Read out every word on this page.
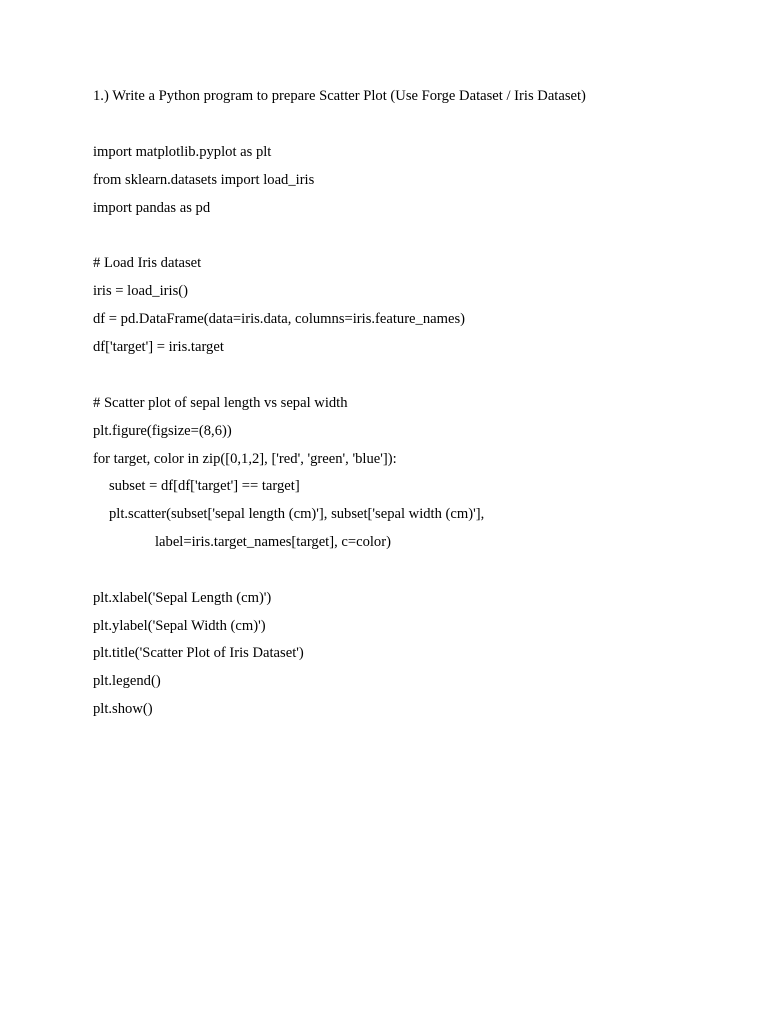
1.) Write a Python program to prepare Scatter Plot (Use Forge Dataset / Iris Dataset)
import matplotlib.pyplot as plt
from sklearn.datasets import load_iris
import pandas as pd
# Load Iris dataset
iris = load_iris()
df = pd.DataFrame(data=iris.data, columns=iris.feature_names)
df['target'] = iris.target
# Scatter plot of sepal length vs sepal width
plt.figure(figsize=(8,6))
for target, color in zip([0,1,2], ['red', 'green', 'blue']):
subset = df[df['target'] == target]
plt.scatter(subset['sepal length (cm)'], subset['sepal width (cm)'],
label=iris.target_names[target], c=color)
plt.xlabel('Sepal Length (cm)')
plt.ylabel('Sepal Width (cm)')
plt.title('Scatter Plot of Iris Dataset')
plt.legend()
plt.show()
